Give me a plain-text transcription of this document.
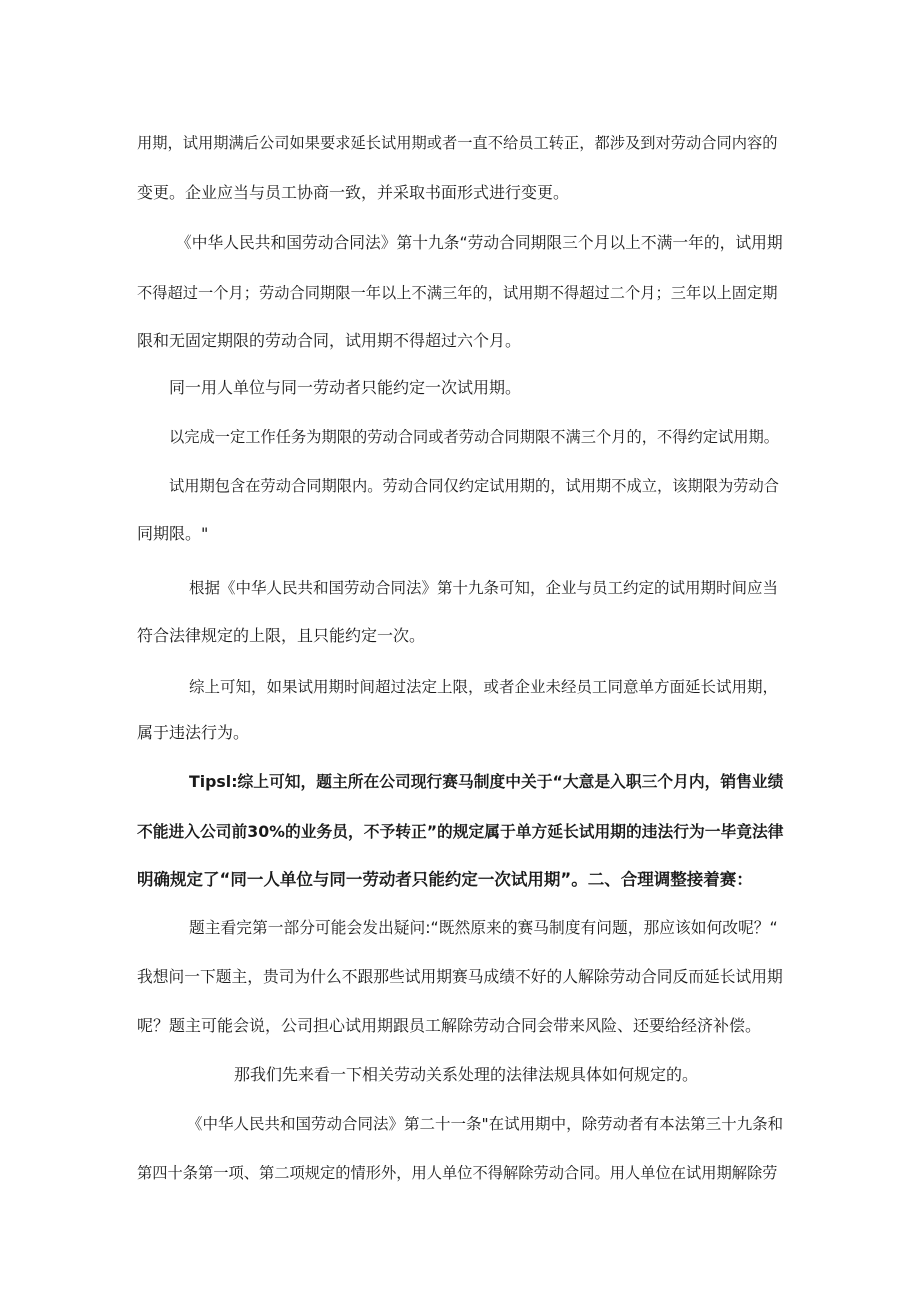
用期，试用期满后公司如果要求延长试用期或者一直不给员工转正，都涉及到对劳动合同内容的

变更。企业应当与员工协商一致，并采取书面形式进行变更。

《中华人民共和国劳动合同法》第十九条“劳动合同期限三个月以上不满一年的，试用期

不得超过一个月；劳动合同期限一年以上不满三年的，试用期不得超过二个月；三年以上固定期

限和无固定期限的劳动合同，试用期不得超过六个月。

同一用人单位与同一劳动者只能约定一次试用期。

以完成一定工作任务为期限的劳动合同或者劳动合同期限不满三个月的，不得约定试用期。

试用期包含在劳动合同期限内。劳动合同仅约定试用期的，试用期不成立，该期限为劳动合

同期限。"

根据《中华人民共和国劳动合同法》第十九条可知，企业与员工约定的试用期时间应当

符合法律规定的上限，且只能约定一次。

综上可知，如果试用期时间超过法定上限，或者企业未经员工同意单方面延长试用期，

属于违法行为。

Tipsl:综上可知，题主所在公司现行赛马制度中关于“大意是入职三个月内，销售业绩

不能进入公司前30%的业务员，不予转正”的规定属于单方延长试用期的违法行为一毕竟法律

明确规定了“同一人单位与同一劳动者只能约定一次试用期”。二、合理调整接着赛：

题主看完第一部分可能会发出疑问:“既然原来的赛马制度有问题，那应该如何改呢？“

我想问一下题主，贵司为什么不跟那些试用期赛马成绩不好的人解除劳动合同反而延长试用期

呢？题主可能会说，公司担心试用期跟员工解除劳动合同会带来风险、还要给经济补偿。

那我们先来看一下相关劳动关系处理的法律法规具体如何规定的。

《中华人民共和国劳动合同法》第二十一条"在试用期中，除劳动者有本法第三十九条和

第四十条第一项、第二项规定的情形外，用人单位不得解除劳动合同。用人单位在试用期解除劳
